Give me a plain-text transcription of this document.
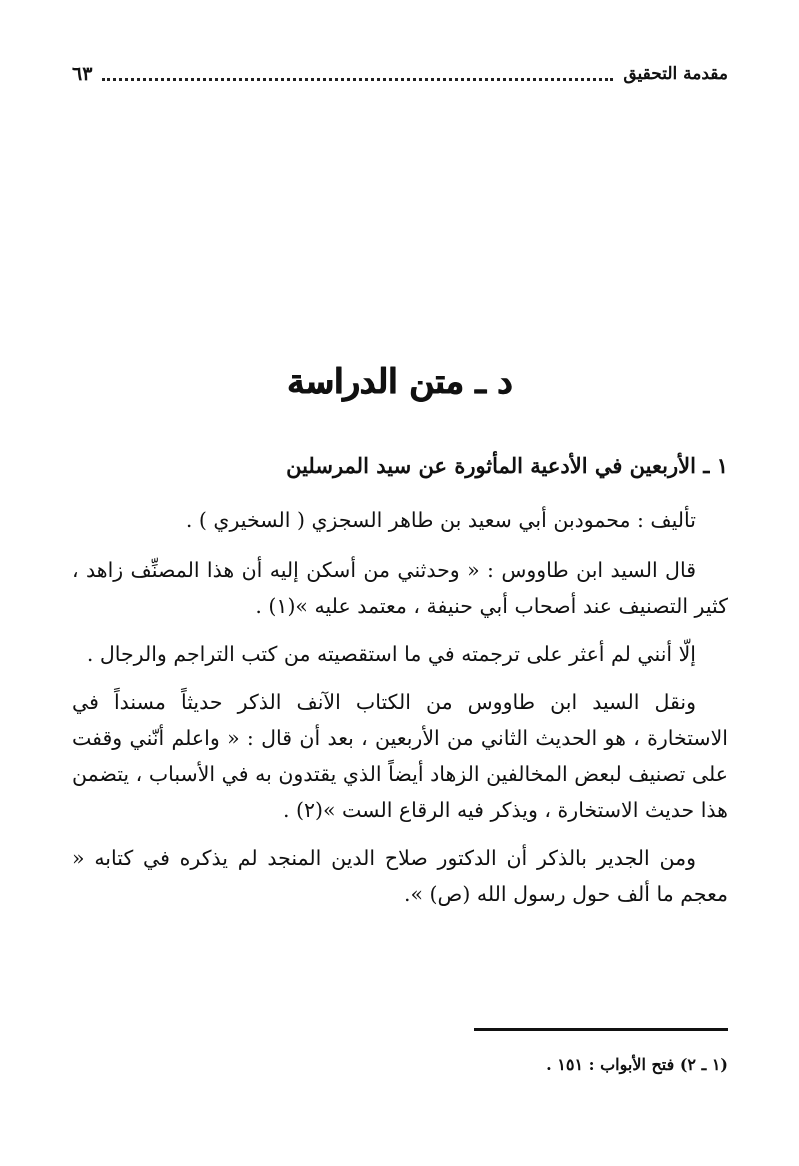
مقدمة التحقيق
٦٣
د ـ متن الدراسة

١ ـ الأربعين في الأدعية المأثورة عن سيد المرسلين

تأليف : محمودبن أبي سعيد بن طاهر السجزي ( السخيري ) .

قال السيد ابن طاووس : « وحدثني من أسكن إليه أن هذا المصنِّف زاهد ، كثير التصنيف عند أصحاب أبي حنيفة ، معتمد عليه »(١) .

إلّا أنني لم أعثر على ترجمته في ما استقصيته من كتب التراجم والرجال .

ونقل السيد ابن طاووس من الكتاب الآنف الذكر حديثاً مسنداً في الاستخارة ، هو الحديث الثاني من الأربعين ، بعد أن قال : « واعلم أنّني وقفت على تصنيف لبعض المخالفين الزهاد أيضاً الذي يقتدون به في الأسباب ، يتضمن هذا حديث الاستخارة ، ويذكر فيه الرقاع الست »(٢) .

ومن الجدير بالذكر أن الدكتور صلاح الدين المنجد لم يذكره في كتابه « معجم ما ألف حول رسول الله (ص) ».

(١ ـ ٢) فتح الأبواب : ١٥١ .
